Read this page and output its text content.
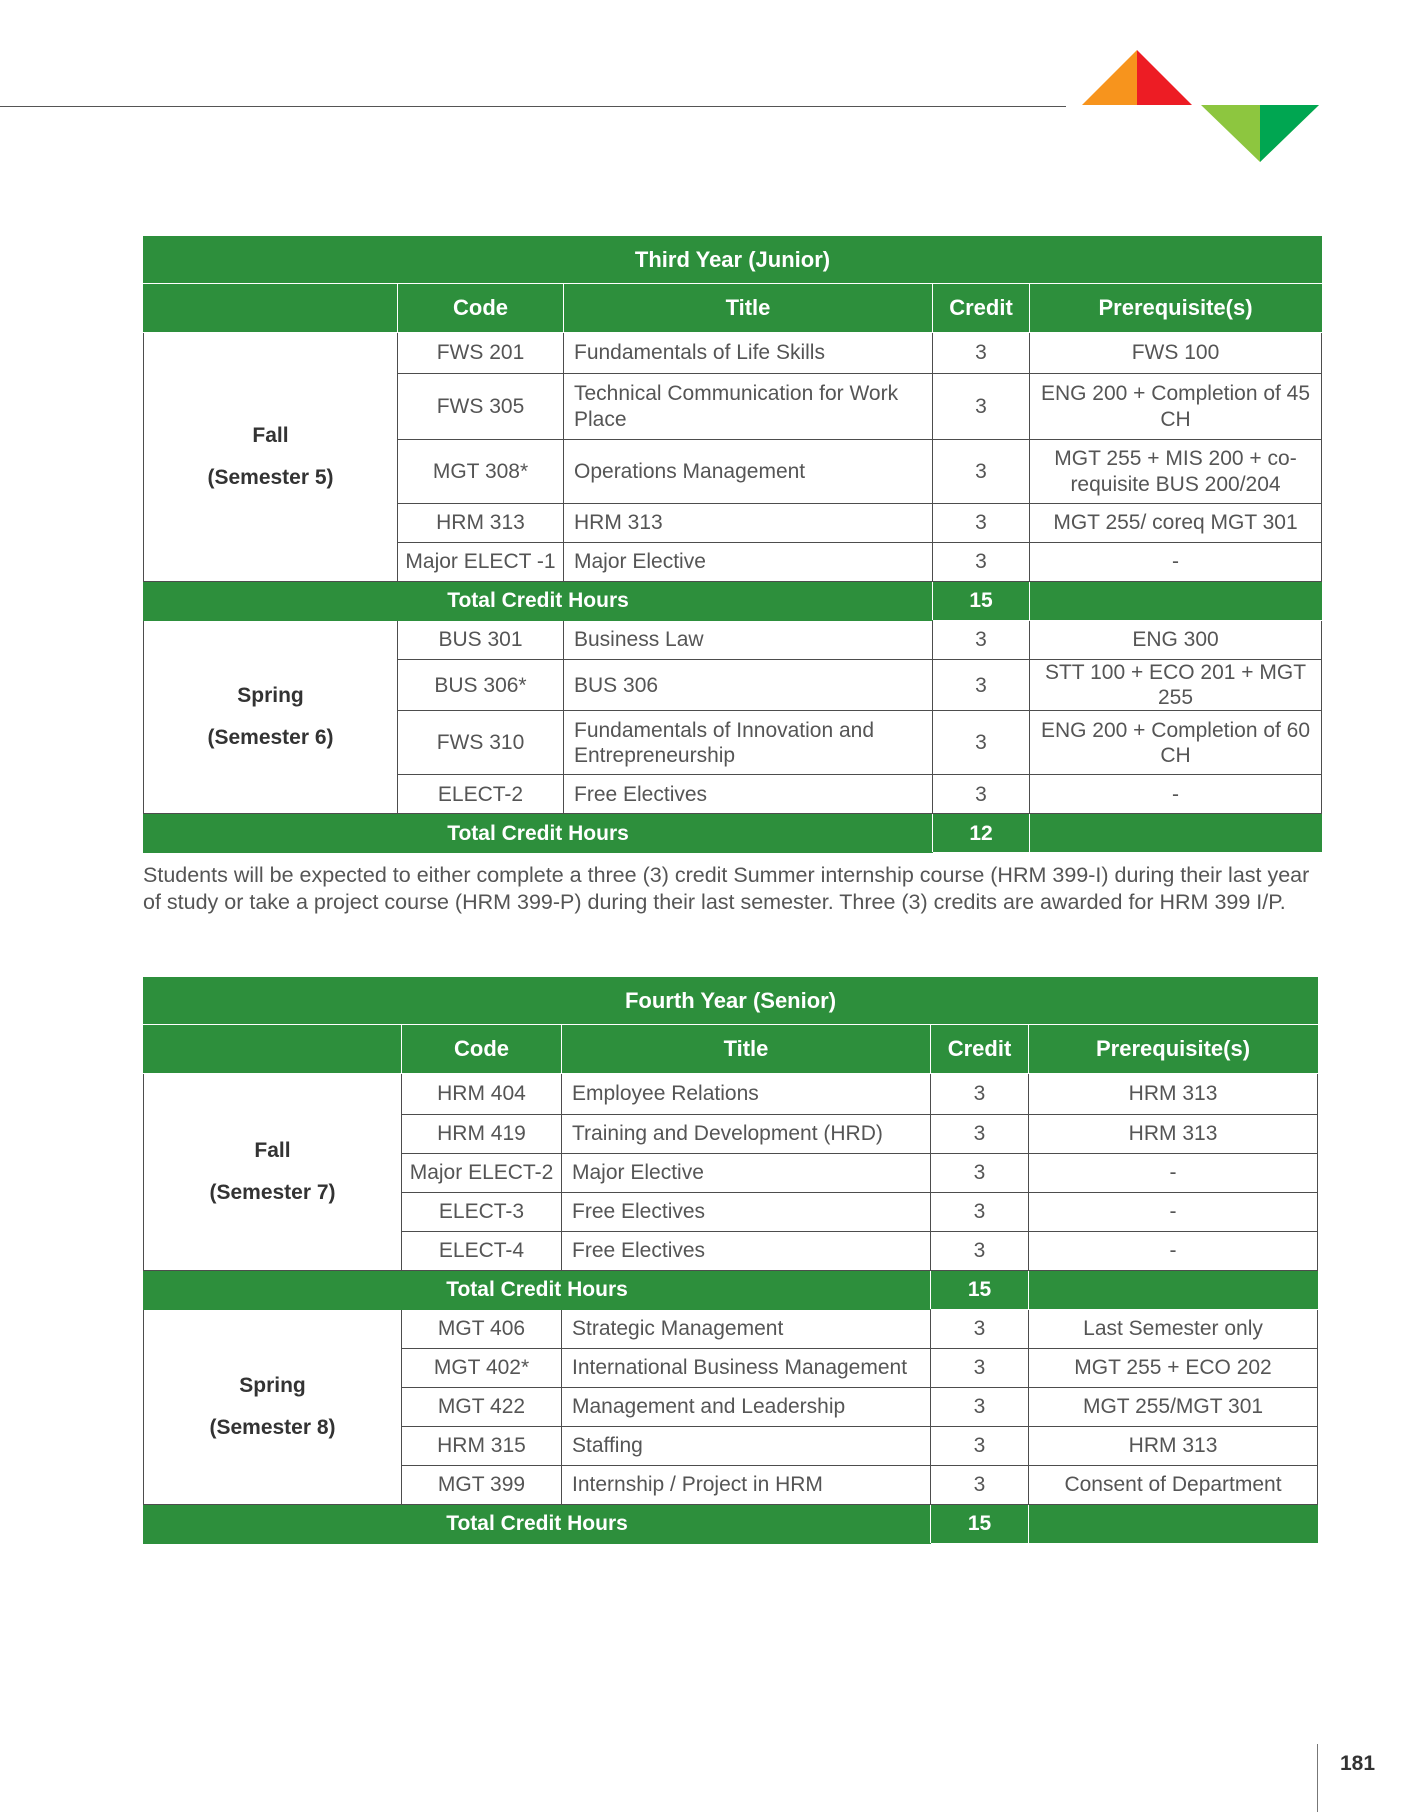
Third Year (Junior)				
	Code	Title	Credit	Prerequisite(s)

Fall
(Semester 5)	FWS 201	Fundamentals of Life Skills	3	FWS 100
	FWS 305	Technical Communication for Work Place	3	ENG 200 + Completion of 45 CH
	MGT 308*	Operations Management	3	MGT 255 + MIS 200 + co-requisite BUS 200/204
	HRM 313	HRM 313	3	MGT 255/ coreq MGT 301
	Major ELECT -1	Major Elective	3	-
Total Credit Hours			15	

Spring
(Semester 6)	BUS 301	Business Law	3	ENG 300
	BUS 306*	BUS 306	3	STT 100 + ECO 201 + MGT 255
	FWS 310	Fundamentals of Innovation and Entrepreneurship	3	ENG 200 + Completion of 60 CH
	ELECT-2	Free Electives	3	-
Total Credit Hours			12	

Students will be expected to either complete a three (3) credit Summer internship course (HRM 399-I) during their last year of study or take a project course (HRM 399-P) during their last semester. Three (3) credits are awarded for HRM 399 I/P.

Fourth Year (Senior)				
	Code	Title	Credit	Prerequisite(s)

Fall
(Semester 7)	HRM 404	Employee Relations	3	HRM 313
	HRM 419	Training and Development (HRD)	3	HRM 313
	Major ELECT-2	Major Elective	3	-
	ELECT-3	Free Electives	3	-
	ELECT-4	Free Electives	3	-
Total Credit Hours			15	

Spring
(Semester 8)	MGT 406	Strategic Management	3	Last Semester only
	MGT 402*	International Business Management	3	MGT 255 + ECO 202
	MGT 422	Management and Leadership	3	MGT 255/MGT 301
	HRM 315	Staffing	3	HRM 313
	MGT 399	Internship / Project in HRM	3	Consent of Department
Total Credit Hours			15	
181
